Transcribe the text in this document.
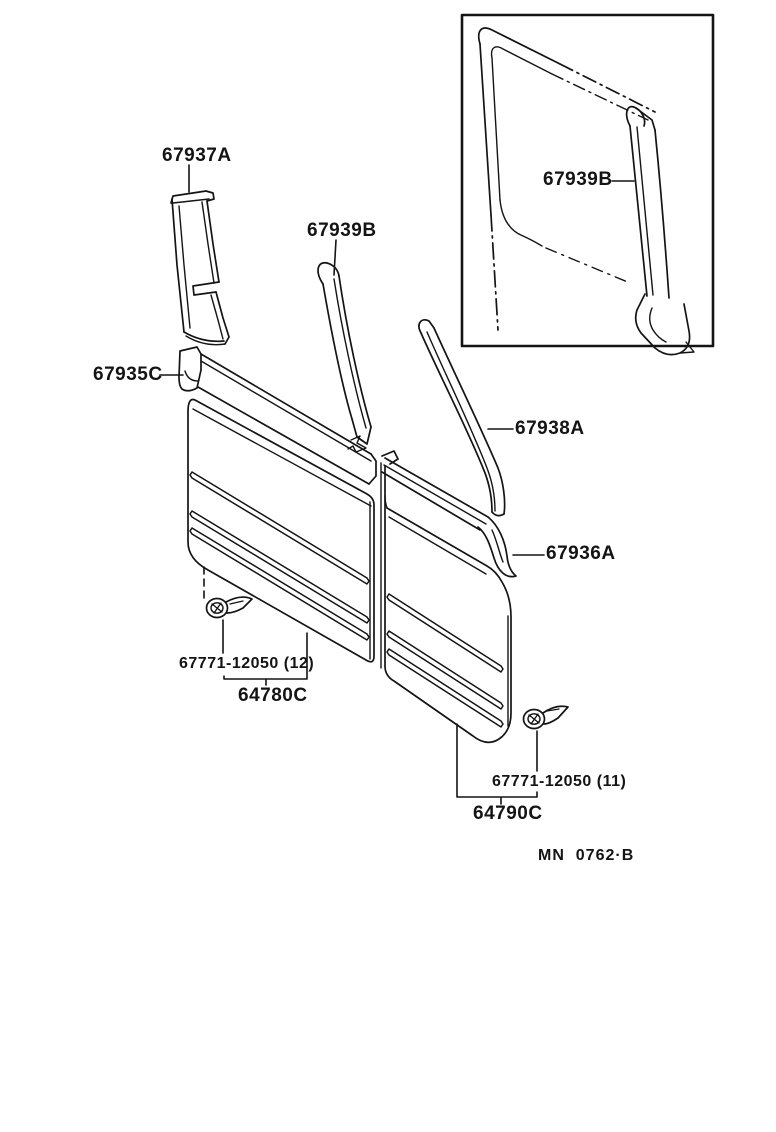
67937A
67939B
67939B
67935C
67938A
67936A
67771-12050 (12)
64780C
67771-12050 (11)
64790C
MN  0762·B
